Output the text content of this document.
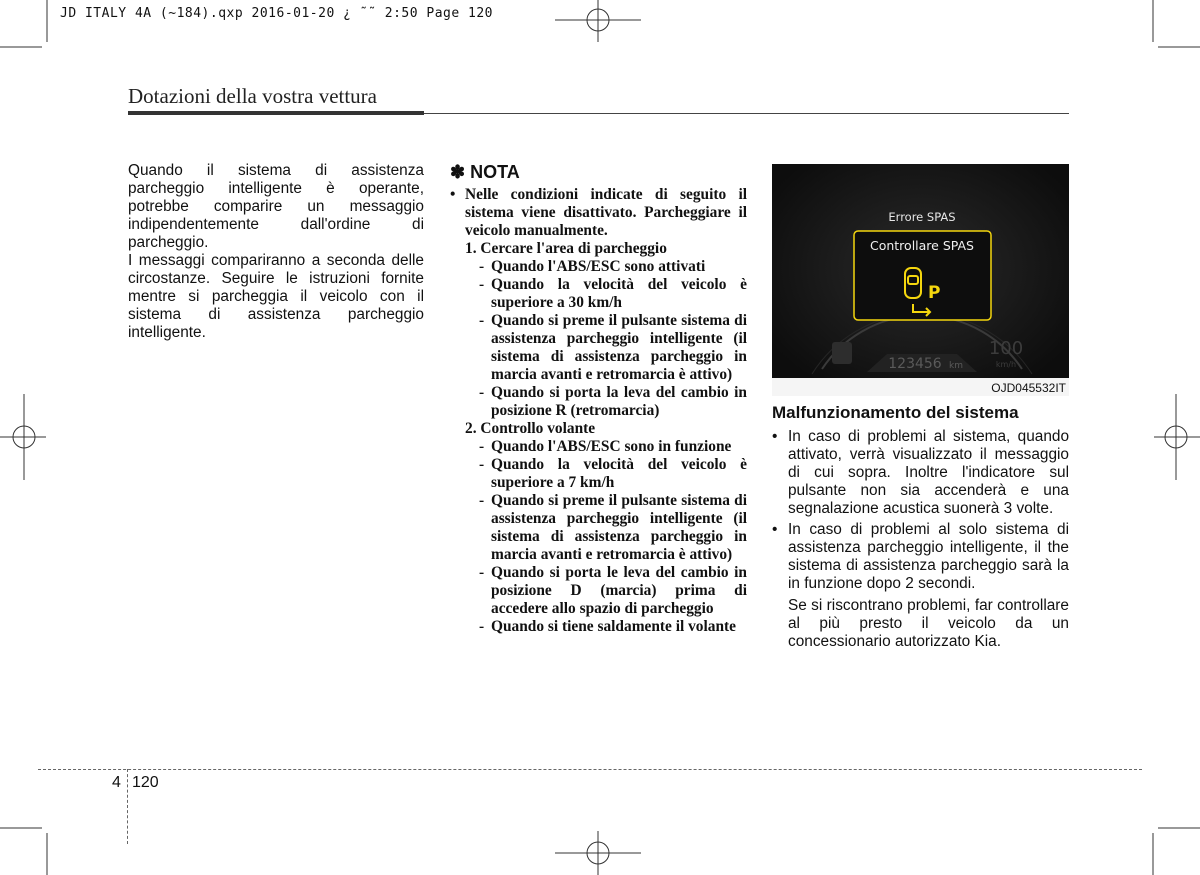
JD ITALY 4A (~184).qxp 2016-01-20 ¿ ˜˜ 2:50 Page 120
Dotazioni della vostra vettura

Quando il sistema di assistenza parcheggio intelligente è operante, potrebbe comparire un messaggio indipendentemente dall'ordine di parcheggio.

I messaggi compariranno a seconda delle circostanze. Seguire le istruzioni fornite mentre si parcheggia il veicolo con il sistema di assistenza parcheggio intelligente.

✽ NOTA
• Nelle condizioni indicate di seguito il sistema viene disattivato. Parcheggiare il veicolo manualmente.
1. Cercare l'area di parcheggio
- Quando l'ABS/ESC sono attivati
- Quando la velocità del veicolo è superiore a 30 km/h
- Quando si preme il pulsante sistema di assistenza parcheggio intelligente (il sistema di assistenza parcheggio in marcia avanti e retromarcia è attivo)
- Quando si porta la leva del cambio in posizione R (retromarcia)
2. Controllo volante
- Quando l'ABS/ESC sono in funzione
- Quando la velocità del veicolo è superiore a 7 km/h
- Quando si preme il pulsante sistema di assistenza parcheggio intelligente (il sistema di assistenza parcheggio in marcia avanti e retromarcia è attivo)
- Quando si porta le leva del cambio in posizione D (marcia) prima di accedere allo spazio di parcheggio
- Quando si tiene saldamente il volante
Errore SPAS
Controllare SPAS
P
123456 km
100
km/h
OJD045532IT
Malfunzionamento del sistema
• In caso di problemi al sistema, quando attivato, verrà visualizzato il messaggio di cui sopra. Inoltre l'indicatore sul pulsante non sia accenderà e una segnalazione acustica suonerà 3 volte.
• In caso di problemi al solo sistema di assistenza parcheggio intelligente, il the sistema di assistenza parcheggio sarà la in funzione dopo 2 secondi.
Se si riscontrano problemi, far controllare al più presto il veicolo da un concessionario autorizzato Kia.
4 120
